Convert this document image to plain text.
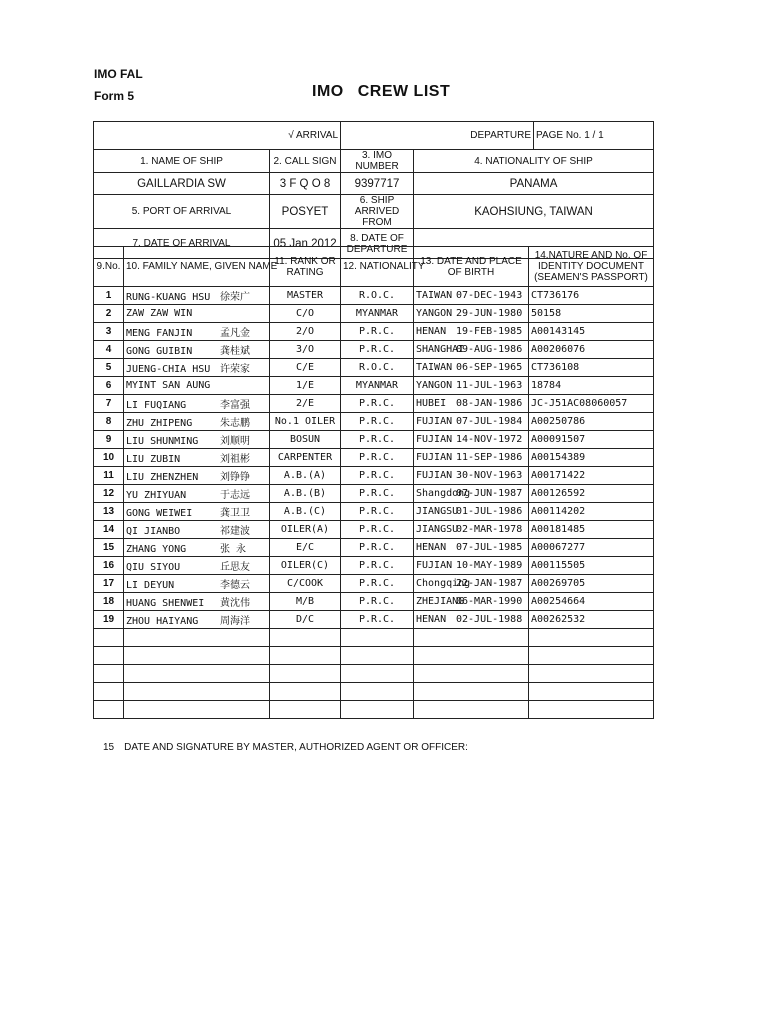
IMO FAL
Form 5	IMO CREW LIST
√ ARRIVAL		DEPARTURE		PAGE No. 1 / 1
1. NAME OF SHIP	2. CALL SIGN	3. IMO NUMBER	4. NATIONALITY OF SHIP	
GAILLARDIA SW	3 F Q O 8	9397717	PANAMA	
5. PORT OF ARRIVAL	POSYET	6. SHIP ARRIVED FROM	KAOHSIUNG, TAIWAN	
7. DATE OF ARRIVAL	05 Jan 2012	8. DATE OF DEPARTURE		
9.No.	10. FAMILY NAME, GIVEN NAME	11. RANK OR RATING	12. NATIONALITY	13. DATE AND PLACE OF BIRTH	14.NATURE AND No. OF IDENTITY DOCUMENT (SEAMEN'S PASSPORT)
1	RUNG-KUANG HSU 徐荣广	MASTER	R.O.C.	TAIWAN 07-DEC-1943	CT736176
2	ZAW ZAW WIN	C/O	MYANMAR	YANGON 29-JUN-1980	50158
3	MENG FANJIN 孟凡金	2/O	P.R.C.	HENAN 19-FEB-1985	A00143145
4	GONG GUIBIN 龚桂斌	3/O	P.R.C.	SHANGHAI09-AUG-1986	A00206076
5	JUENG-CHIA HSU 许荣家	C/E	R.O.C.	TAIWAN 06-SEP-1965	CT736108
6	MYINT SAN AUNG	1/E	MYANMAR	YANGON 11-JUL-1963	18784
7	LI FUQIANG 李富强	2/E	P.R.C.	HUBEI 08-JAN-1986	JC-J51AC08060057
8	ZHU ZHIPENG 朱志鹏	No.1 OILER	P.R.C.	FUJIAN 07-JUL-1984	A00250786
9	LIU SHUNMING 刘顺明	BOSUN	P.R.C.	FUJIAN 14-NOV-1972	A00091507
10	LIU ZUBIN 刘祖彬	CARPENTER	P.R.C.	FUJIAN 11-SEP-1986	A00154389
11	LIU ZHENZHEN 刘铮铮	A.B.(A)	P.R.C.	FUJIAN 30-NOV-1963	A00171422
12	YU ZHIYUAN 于志远	A.B.(B)	P.R.C.	Shangdong07-JUN-1987	A00126592
13	GONG WEIWEI 龚卫卫	A.B.(C)	P.R.C.	JIANGSU01-JUL-1986	A00114202
14	QI JIANBO 祁建波	OILER(A)	P.R.C.	JIANGSU02-MAR-1978	A00181485
15	ZHANG YONG 张 永	E/C	P.R.C.	HENAN 07-JUL-1985	A00067277
16	QIU SIYOU 丘思友	OILER(C)	P.R.C.	FUJIAN 10-MAY-1989	A00115505
17	LI DEYUN 李德云	C/COOK	P.R.C.	Chongqing22-JAN-1987	A00269705
18	HUANG SHENWEI 黄沈伟	M/B	P.R.C.	ZHEJIANG06-MAR-1990	A00254664
19	ZHOU HAIYANG 周海洋	D/C	P.R.C.	HENAN 02-JUL-1988	A00262532

15 DATE AND SIGNATURE BY MASTER, AUTHORIZED AGENT OR OFFICER:
